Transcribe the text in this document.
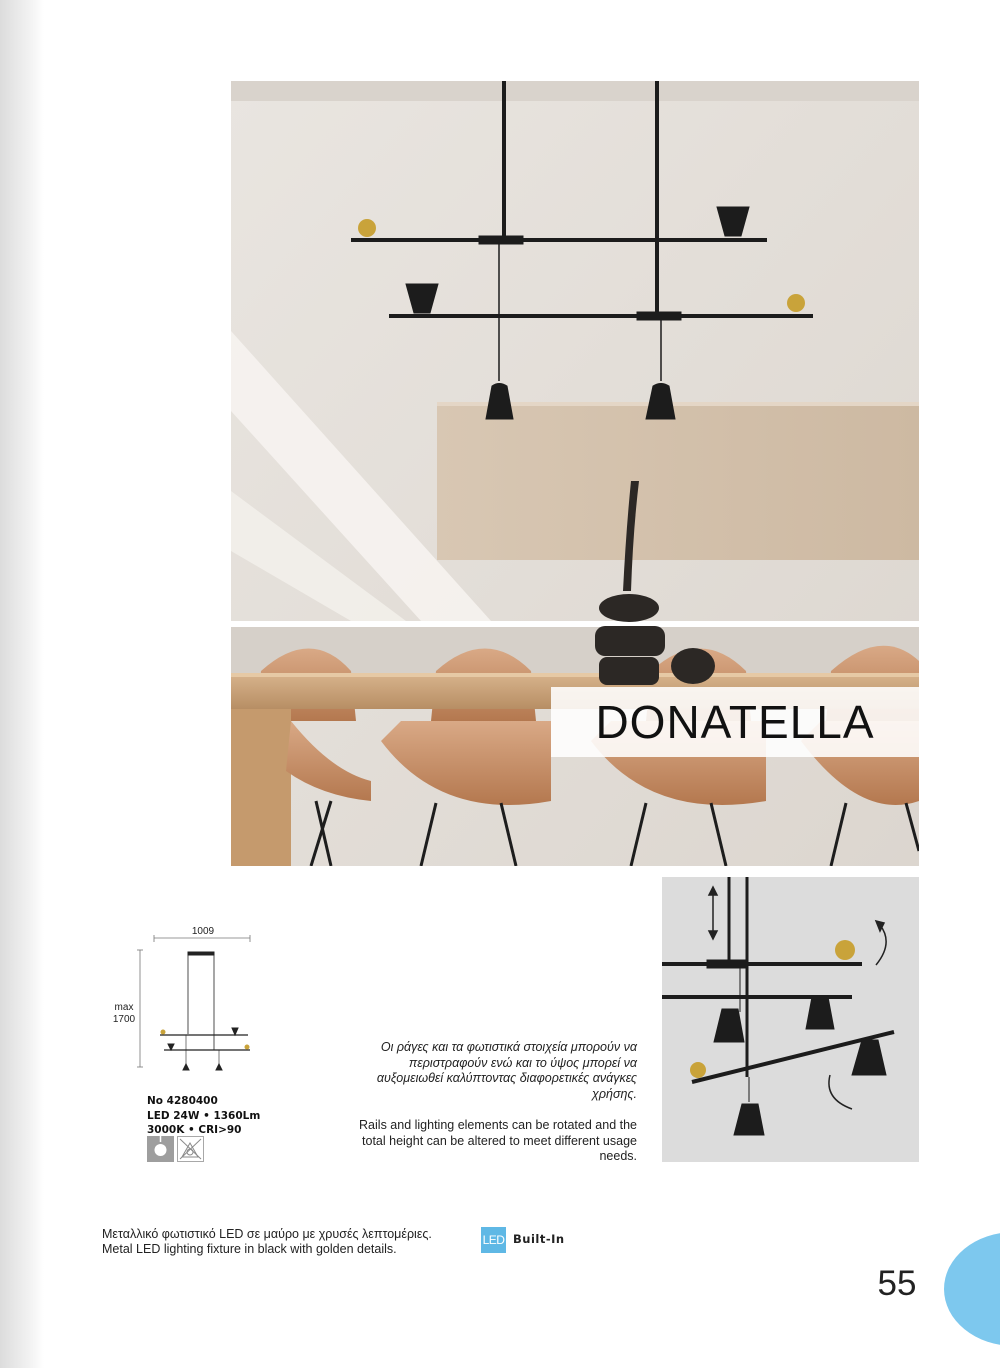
DONATELLA
1009
max
1700
No 4280400
LED 24W • 1360Lm
3000K • CRI>90
Οι ράγες και τα φωτιστικά στοιχεία μπορούν να περιστραφούν ενώ και το ύψος μπορεί να αυξομειωθεί καλύπτοντας διαφορετικές ανάγκες χρήσης.
Rails and lighting elements can be rotated and the total height can be altered to meet different usage needs.
Μεταλλικό φωτιστικό LED σε μαύρο με χρυσές λεπτομέριες.
Metal LED lighting fixture in black with golden details.
LED Built-In
55
